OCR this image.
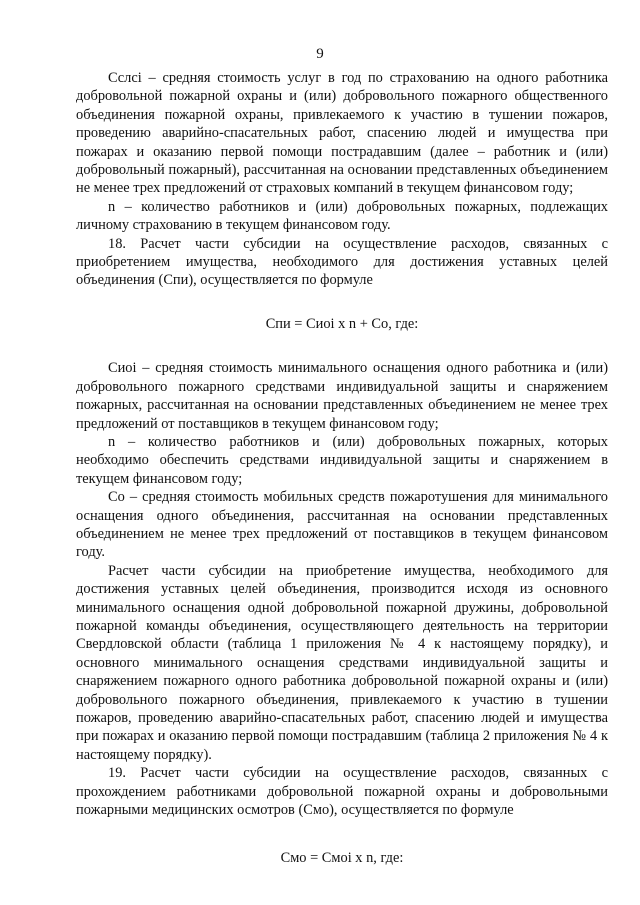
9

Сслсі – средняя стоимость услуг в год по страхованию на одного работника добровольной пожарной охраны и (или) добровольного пожарного общественного объединения пожарной охраны, привлекаемого к участию в тушении пожаров, проведению аварийно-спасательных работ, спасению людей и имущества при пожарах и оказанию первой помощи пострадавшим (далее – работник и (или) добровольный пожарный), рассчитанная на основании представленных объединением не менее трех предложений от страховых компаний в текущем финансовом году;

n – количество работников и (или) добровольных пожарных, подлежащих личному страхованию в текущем финансовом году.

18. Расчет части субсидии на осуществление расходов, связанных с приобретением имущества, необходимого для достижения уставных целей объединения (Спи), осуществляется по формуле

Спи = Сиоі x n + Со, где:

Сиоі – средняя стоимость минимального оснащения одного работника и (или) добровольного пожарного средствами индивидуальной защиты и снаряжением пожарных, рассчитанная на основании представленных объединением не менее трех предложений от поставщиков в текущем финансовом году;

n – количество работников и (или) добровольных пожарных, которых необходимо обеспечить средствами индивидуальной защиты и снаряжением в текущем финансовом году;

Со – средняя стоимость мобильных средств пожаротушения для минимального оснащения одного объединения, рассчитанная на основании представленных объединением не менее трех предложений от поставщиков в текущем финансовом году.

Расчет части субсидии на приобретение имущества, необходимого для достижения уставных целей объединения, производится исходя из основного минимального оснащения одной добровольной пожарной дружины, добровольной пожарной команды объединения, осуществляющего деятельность на территории Свердловской области (таблица 1 приложения № 4 к настоящему порядку), и основного минимального оснащения средствами индивидуальной защиты и снаряжением пожарного одного работника добровольной пожарной охраны и (или) добровольного пожарного объединения, привлекаемого к участию в тушении пожаров, проведению аварийно-спасательных работ, спасению людей и имущества при пожарах и оказанию первой помощи пострадавшим (таблица 2 приложения № 4 к настоящему порядку).

19. Расчет части субсидии на осуществление расходов, связанных с прохождением работниками добровольной пожарной охраны и добровольными пожарными медицинских осмотров (Смо), осуществляется по формуле

Смо = Смоі x n, где:
